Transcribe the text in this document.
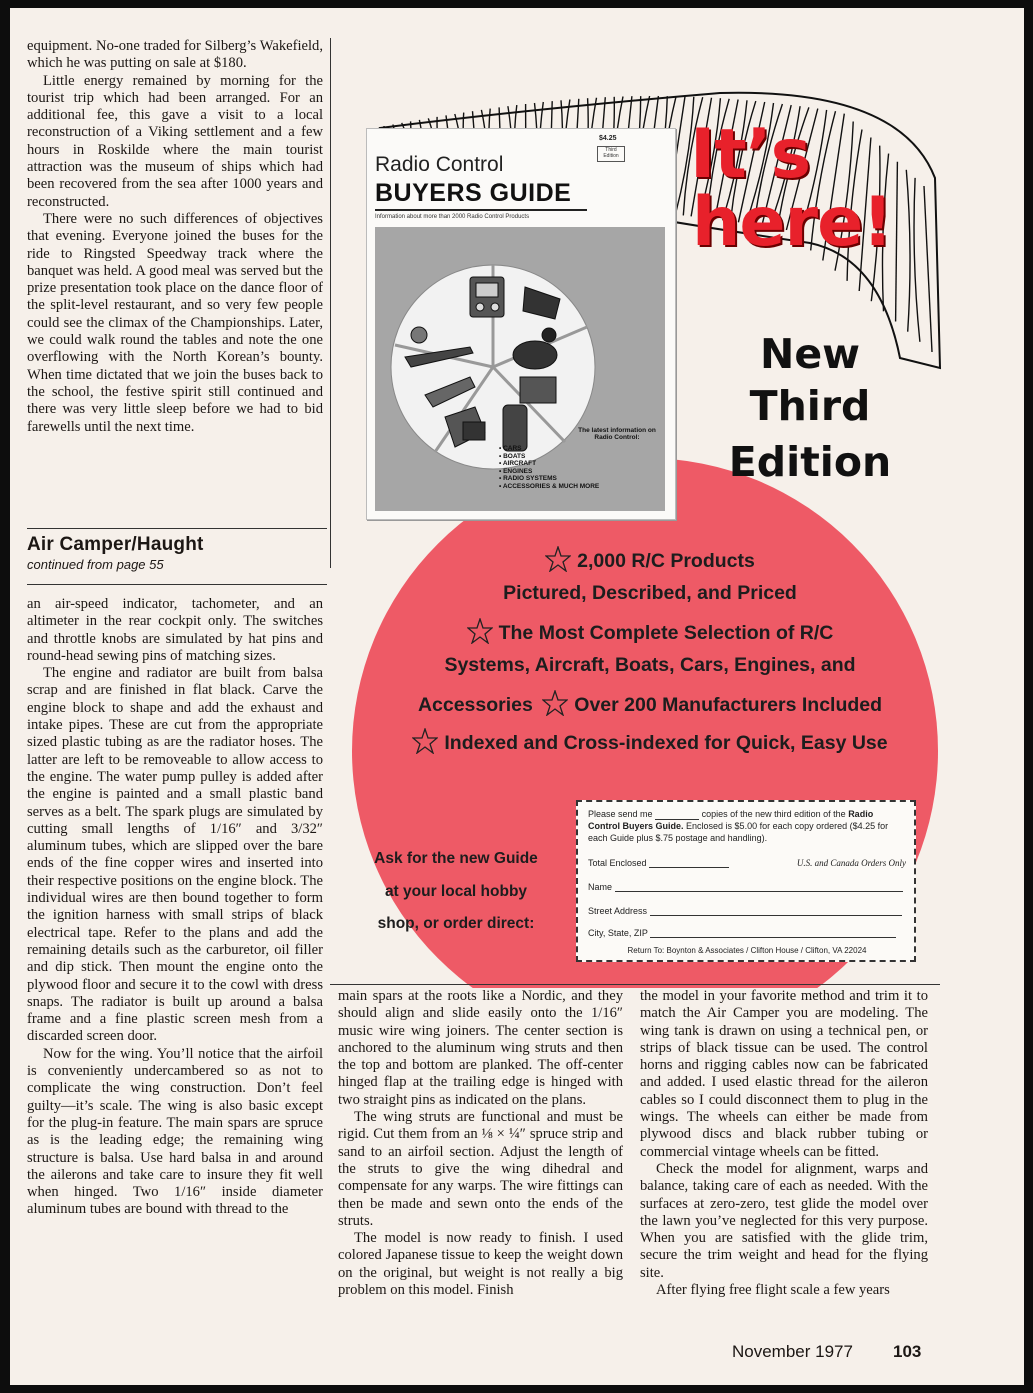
equipment. No-one traded for Silberg’s Wakefield, which he was putting on sale at $180.

Little energy remained by morning for the tourist trip which had been arranged. For an additional fee, this gave a visit to a local reconstruction of a Viking settlement and a few hours in Roskilde where the main tourist attraction was the museum of ships which had been recovered from the sea after 1000 years and reconstructed.

There were no such differences of objectives that evening. Everyone joined the buses for the ride to Ringsted Speedway track where the banquet was held. A good meal was served but the prize presentation took place on the dance floor of the split-level restaurant, and so very few people could see the climax of the Championships. Later, we could walk round the tables and note the one overflowing with the North Korean’s bounty. When time dictated that we join the buses back to the school, the festive spirit still continued and there was very little sleep before we had to bid farewells until the next time.

Air Camper/Haught
continued from page 55

an air-speed indicator, tachometer, and an altimeter in the rear cockpit only. The switches and throttle knobs are simulated by hat pins and round-head sewing pins of matching sizes.

The engine and radiator are built from balsa scrap and are finished in flat black. Carve the engine block to shape and add the exhaust and intake pipes. These are cut from the appropriate sized plastic tubing as are the radiator hoses. The latter are left to be removeable to allow access to the engine. The water pump pulley is added after the engine is painted and a small plastic band serves as a belt. The spark plugs are simulated by cutting small lengths of 1/16″ and 3/32″ aluminum tubes, which are slipped over the bare ends of the fine copper wires and inserted into their respective positions on the engine block. The individual wires are then bound together to form the ignition harness with small strips of black electrical tape. Refer to the plans and add the remaining details such as the carburetor, oil filler and dip stick. Then mount the engine onto the plywood floor and secure it to the cowl with dress snaps. The radiator is built up around a balsa frame and a fine plastic screen mesh from a discarded screen door.

Now for the wing. You’ll notice that the airfoil is conveniently undercambered so as not to complicate the wing construction. Don’t feel guilty—it’s scale. The wing is also basic except for the plug-in feature. The main spars are spruce as is the leading edge; the remaining wing structure is balsa. Use hard balsa in and around the ailerons and take care to insure they fit well when hinged. Two 1/16″ inside diameter aluminum tubes are bound with thread to the

$4.25
Third Edition
Radio Control
BUYERS GUIDE
Information about more than 2000 Radio Control Products
The latest information on Radio Control:
• CARS
• BOATS
• AIRCRAFT
• ENGINES
• RADIO SYSTEMS
• ACCESSORIES & MUCH MORE
It’s
here!
New
Third
Edition
2,000 R/C Products
Pictured, Described, and Priced
The Most Complete Selection of R/C
Systems, Aircraft, Boats, Cars, Engines, and
Accessories Over 200 Manufacturers Included
Indexed and Cross-indexed for Quick, Easy Use
Ask for the new Guide
at your local hobby
shop, or order direct:
Please send me	copies of the new third edition of the Radio Control Buyers Guide. Enclosed is $5.00 for each copy ordered ($4.25 for each Guide plus $.75 postage and handling).
Total Enclosed	U.S. and Canada Orders Only
Name
Street Address
City, State, ZIP
Return To: Boynton & Associates / Clifton House / Clifton, VA 22024

main spars at the roots like a Nordic, and they should align and slide easily onto the 1/16″ music wire wing joiners. The center section is anchored to the aluminum wing struts and then the top and bottom are planked. The off-center hinged flap at the trailing edge is hinged with two straight pins as indicated on the plans.

The wing struts are functional and must be rigid. Cut them from an ⅛ × ¼″ spruce strip and sand to an airfoil section. Adjust the length of the struts to give the wing dihedral and compensate for any warps. The wire fittings can then be made and sewn onto the ends of the struts.

The model is now ready to finish. I used colored Japanese tissue to keep the weight down on the original, but weight is not really a big problem on this model. Finish

the model in your favorite method and trim it to match the Air Camper you are modeling. The wing tank is drawn on using a technical pen, or strips of black tissue can be used. The control horns and rigging cables now can be fabricated and added. I used elastic thread for the aileron cables so I could disconnect them to plug in the wings. The wheels can either be made from plywood discs and black rubber tubing or commercial vintage wheels can be fitted.

Check the model for alignment, warps and balance, taking care of each as needed. With the surfaces at zero-zero, test glide the model over the lawn you’ve neglected for this very purpose. When you are satisfied with the glide trim, secure the trim weight and head for the flying site.

After flying free flight scale a few years

November 1977 103
